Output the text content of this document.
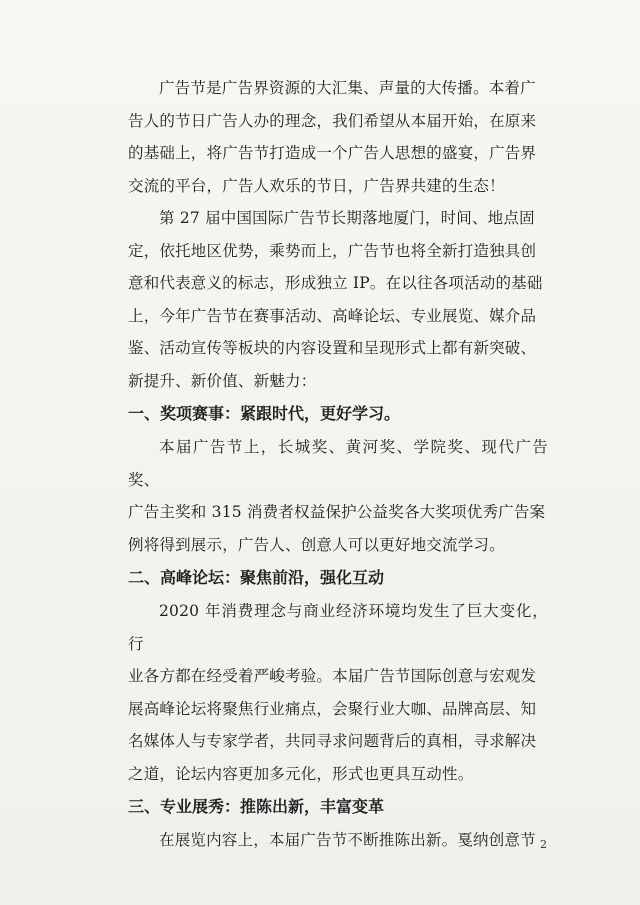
广告节是广告界资源的大汇集、声量的大传播。本着广
告人的节日广告人办的理念，我们希望从本届开始，在原来
的基础上，将广告节打造成一个广告人思想的盛宴，广告界
交流的平台，广告人欢乐的节日，广告界共建的生态！
第 27 届中国国际广告节长期落地厦门，时间、地点固
定，依托地区优势，乘势而上，广告节也将全新打造独具创
意和代表意义的标志，形成独立 IP。在以往各项活动的基础
上，今年广告节在赛事活动、高峰论坛、专业展览、媒介品
鉴、活动宣传等板块的内容设置和呈现形式上都有新突破、
新提升、新价值、新魅力：
一、奖项赛事：紧跟时代，更好学习。
本届广告节上，长城奖、黄河奖、学院奖、现代广告奖、
广告主奖和 315 消费者权益保护公益奖各大奖项优秀广告案
例将得到展示，广告人、创意人可以更好地交流学习。
二、高峰论坛：聚焦前沿，强化互动
2020 年消费理念与商业经济环境均发生了巨大变化，行
业各方都在经受着严峻考验。本届广告节国际创意与宏观发
展高峰论坛将聚焦行业痛点，会聚行业大咖、品牌高层、知
名媒体人与专家学者，共同寻求问题背后的真相，寻求解决
之道，论坛内容更加多元化，形式也更具互动性。
三、专业展秀：推陈出新，丰富变革
在展览内容上，本届广告节不断推陈出新。戛纳创意节 2
